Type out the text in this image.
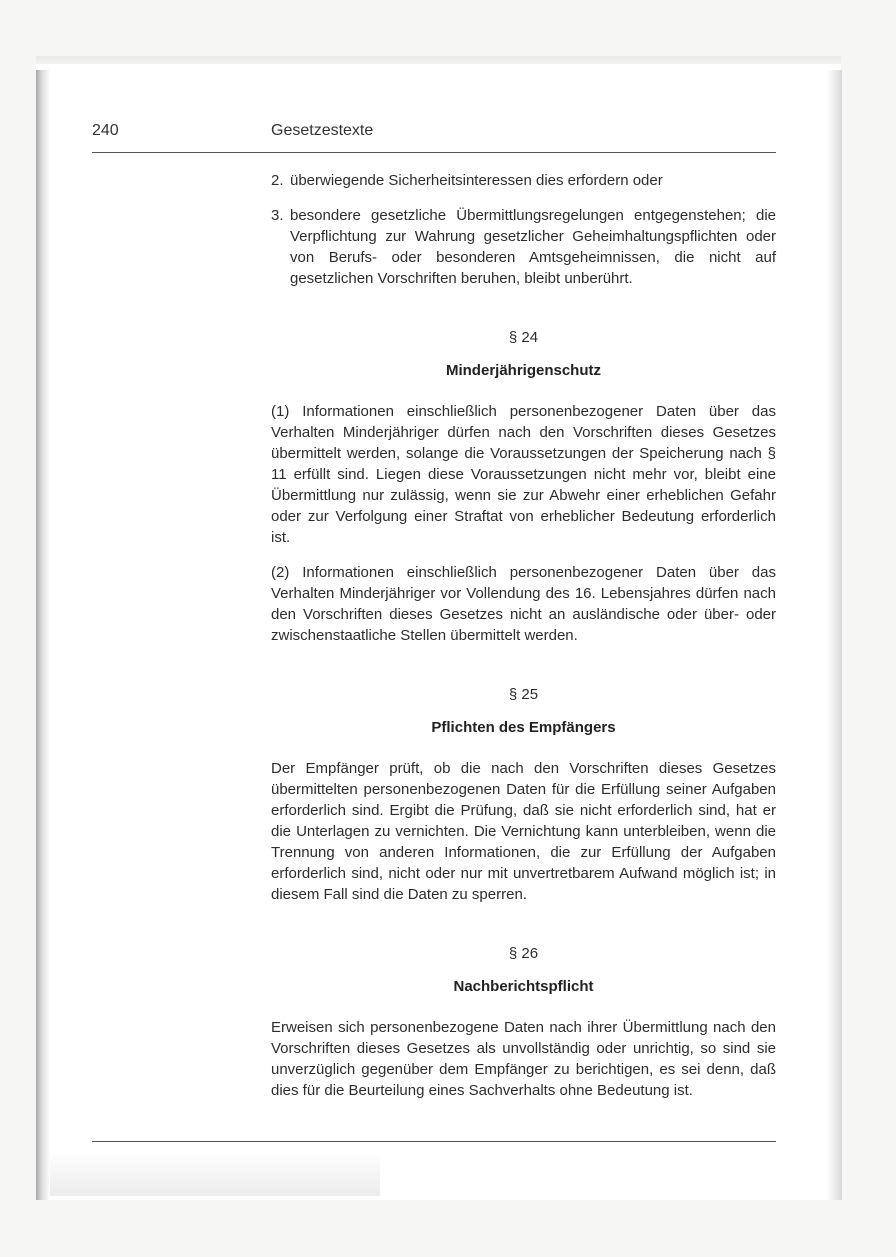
240	Gesetzestexte
2. überwiegende Sicherheitsinteressen dies erfordern oder
3. besondere gesetzliche Übermittlungsregelungen entgegenstehen; die Verpflichtung zur Wahrung gesetzlicher Geheimhaltungspflichten oder von Berufs- oder besonderen Amtsgeheimnissen, die nicht auf gesetzlichen Vorschriften beruhen, bleibt unberührt.
§ 24
Minderjährigenschutz

(1) Informationen einschließlich personenbezogener Daten über das Verhalten Minderjähriger dürfen nach den Vorschriften dieses Gesetzes übermittelt werden, solange die Voraussetzungen der Speicherung nach § 11 erfüllt sind. Liegen diese Voraussetzungen nicht mehr vor, bleibt eine Übermittlung nur zulässig, wenn sie zur Abwehr einer erheblichen Gefahr oder zur Verfolgung einer Straftat von erheblicher Bedeutung erforderlich ist.

(2) Informationen einschließlich personenbezogener Daten über das Verhalten Minderjähriger vor Vollendung des 16. Lebensjahres dürfen nach den Vorschriften dieses Gesetzes nicht an ausländische oder über- oder zwischenstaatliche Stellen übermittelt werden.

§ 25
Pflichten des Empfängers

Der Empfänger prüft, ob die nach den Vorschriften dieses Gesetzes übermittelten personenbezogenen Daten für die Erfüllung seiner Aufgaben erforderlich sind. Ergibt die Prüfung, daß sie nicht erforderlich sind, hat er die Unterlagen zu vernichten. Die Vernichtung kann unterbleiben, wenn die Trennung von anderen Informationen, die zur Erfüllung der Aufgaben erforderlich sind, nicht oder nur mit unvertretbarem Aufwand möglich ist; in diesem Fall sind die Daten zu sperren.

§ 26
Nachberichtspflicht

Erweisen sich personenbezogene Daten nach ihrer Übermittlung nach den Vorschriften dieses Gesetzes als unvollständig oder unrichtig, so sind sie unverzüglich gegenüber dem Empfänger zu berichtigen, es sei denn, daß dies für die Beurteilung eines Sachverhalts ohne Bedeutung ist.
